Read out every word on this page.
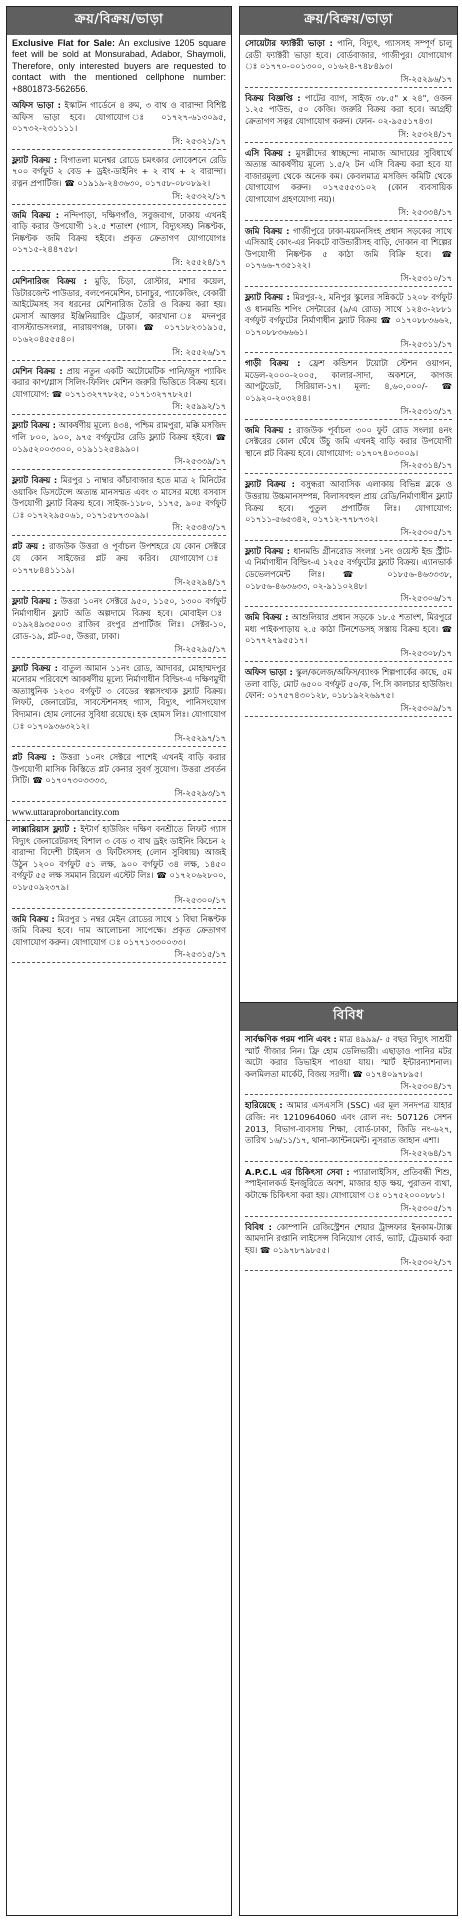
ক্রয়/বিক্রয়/ভাড়া
Exclusive Flat for Sale: An exclusive 1205 square feet will be sold at Monsurabad, Adabor, Shaymoli, Therefore, only interested buyers are requested to contact with the mentioned cellphone number: +8801873-562656.
অফিস ভাড়া : ইস্কাটন গার্ডেনে ৪ রুম, ৩ বাথ ও বারান্দা বিশিষ্ট অফিস ভাড়া হবে। যোগাযোগ ঃ ০১৭২৭-৬১৩০৯৫, ০১৭৩২-২৩১১১১।
সি: ২৫৩২১/১৭
ফ্ল্যাট বিক্রয় : বিগাতলা মনেশ্বর রোডে চমৎকার লোকেশনে রেডি ৭০০ বর্গফুট ২ বেড + ড্রইং-ডাইনিং + ২ বাথ + ২ বারান্দা। রত্নন প্রপার্টিজ। ☎ ০১৯১৯-২৪৩৬৩০, ০১৭৫৮-০৮০৮৯২।
সি: ২৫৩২২/১৭
জমি বিক্রয় : নন্দিপাড়া, দক্ষিণগাঁও, সবুজবাগ, ঢাকায় এখনই বাড়ি করার উপযোগী ১২.৫ শতাংশ (গ্যাস, বিদ্যুৎসহ) নিষ্কণ্টক, নিষ্কণ্টক জমি বিক্রয় হইবে। প্রকৃত ক্রেতাগণ যোগাযোগঃ ০১৭১৫-২৪৪৭৫৮।
সি: ২৫৫২৪/১৭
মেশিনারিজ বিক্রয় : মুড়ি, চিড়া, রোস্টার, মশার কয়েল, ডিটারজেন্ট পাউডার, বলপেনমেশিন, চানাচুর, প্যাকেজিং, বেকারী আইটেমসহ সব ধরনের মেশিনারিজ তৈরি ও বিক্রয় করা হয়। মেসার্স আক্তার ইঞ্জিনিয়ারিং ট্রেডার্স, কারখানা ঃ মদনপুর বাসস্ট্যান্ডসংলগ্ন, নারায়ণগঞ্জ, ঢাকা। ☎ ০১৭১৮২৩১৯১৫, ০১৬২০৪৫৫৫৪০।
সি: ২৫৫২৬/১৭
মেশিন বিক্রয় : প্রায় নতুন একটি অটোমেটিক পানি/জুস প্যাকিং করার কাপ/গ্লাস সিলিং-ফিলিং মেশিন জরুরি ভিত্তিতে বিক্রয় হবে। যোগাযোগ: ☎ ০১৭১৩২৭৭৮২৫, ০১৭১৩২৭৭৮২৫।
সি: ২৫৯৯২/১৭
ফ্ল্যাট বিক্রয় : আকর্ষণীয় মূল্যে ৪৩৪, পশ্চিম রামপুরা, মক্কি মসজিদ গলি ৮০০, ৯০০, ৯৭৫ বর্গফুটের রেডি ফ্ল্যাট বিক্রয় হইবে। ☎ ০১৯৫২০০৩৩০০, ০১৯১১২৫৪৯৯০।
সি-২৫৩৩৯/১৭
ফ্ল্যাট বিক্রয় : মিরপুর ১ নাম্বার কাঁচাবাজার হতে মাত্র ২ মিনিটের ওয়াকিং ডিসটেন্সে অত্যন্ত মানসম্মত এবং ৩ মাসের মধ্যে বসবাস উপযোগী ফ্ল্যাট বিক্রয় হবে। সাইজ-১১৮০, ১১৭৫, ৯০৫ বর্গফুট ঃ ০১৭২২৯৫০৬১, ০১৭১৫৮৭৩০৯৯।
সি: ২৫৩৪৩/১৭
প্লট ক্রয় : রাজউক উত্তরা ও পূর্বাচল উপশহরে যে কোন সেক্টরে যে কোন সাইজের প্লট ক্রয় করিব। যোগাযোগ ঃ ০১৭৭৮৪৪১১১৯।
সি-২৫২৯৪/১৭
ফ্ল্যাট বিক্রয় : উত্তরা ১০নং সেক্টরে ৯৫০, ১১৫০, ১৩০০ বর্গফুট নির্মাণাধীন ফ্ল্যাট অতি অল্পদামে বিক্রয় হবে। মোবাইল ঃ ০১৯২৪৯৩৫০০৩ রাজিব রংপুর প্রপার্টিজ লিঃ। সেক্টর-১০, রোড-১৯, প্লট-০৫, উত্তরা, ঢাকা।
সি-২৫২৯৫/১৭
ফ্ল্যাট বিক্রয় : বাতুল আমান ১১নং রোড, আদাবর, মোহাম্মদপুর মনোরম পরিবেশে আকর্ষণীয় মূল্যে নির্মাণাধীন বিল্ডিং-এ দক্ষিণমুখী অত্যাধুনিক ১২৩০ বর্গফুট ৩ বেডের স্বল্পসংখ্যক ফ্ল্যাট বিক্রয়। লিফট, জেনারেটর, সাবস্টেশনসহ গ্যাস, বিদ্যুৎ, পানিসংযোগ বিদ্যমান। হোম লোনের সুবিধা রয়েছে। হক হোমস লিঃ। যোগাযোগ ঃ ০১৭০৯৩৬৩২১২।
সি-২৫২৯৭/১৭
প্লট বিক্রয় : উত্তরা ১০নং সেক্টরে পাশেই এখনই বাড়ি করার উপযোগী মাসিক কিস্তিতে প্লট কেনার সুবর্ণ সুযোগ। উত্তরা প্রবর্তন সিটি। ☎ ০১৭০৭৩০৩৩৩৩,
সি-২৫২৯৩/১৭
www.uttaraprobortancity.com
লাক্সারিয়াস ফ্ল্যাট : ইন্টার্ণ হাউজিং দক্ষিণ বনশ্রীতে লিফট গ্যাস বিদ্যুৎ জেনারেটরসহ বিশাল ৩ বেড ৩ বাথ ড্রইং ডাইনিং কিচেন ২ বারান্দা বিদেশী টাইলস ও ফিটিংসসহ (লোন সুবিধায়) আজই উঠুন ১২০০ বর্গফুট ৫১ লক্ষ, ৯০০ বর্গফুট ৩৪ লক্ষ, ১৪৫০ বর্গফুট ৫৫ লক্ষ সমমান রিয়েল এস্টেট লিঃ। ☎ ০১৭২০৬২৮০০, ০১৮৫০৯২৩৭৯।
সি-২৫৩০০/১৭
জমি বিক্রয় : মিরপুর ১ নম্বর মেইন রোডের সাথে ১ বিঘা নিষ্কণ্টক জমি বিক্রয় হবে। দাম আলোচনা সাপেক্ষে। প্রকৃত ক্রেতাগণ যোগাযোগ করুন। যোগাযোগ ঃ ০১৭৭১৩৩০০৩৩।
সি-২৫৩১৫/১৭
ক্রয়/বিক্রয়/ভাড়া
সোয়েটার ফ্যাক্টরী ভাড়া : পানি, বিদ্যুৎ, গ্যাসসহ সম্পূর্ণ চালু রেডী ফ্যাক্টরী ভাড়া হবে। বোর্ডবাজার, গাজীপুর। যোগাযোগ ঃ ০১৭৭০-০০১৩০০, ০১৬২৪-৭৪৮৪৯৩।
সি-২৫২৯৬/১৭
বিক্রয় বিজ্ঞপ্তি : পাটের ব্যাগ, সাইজ ৩৮.৫" x ২৪", ওজন ১.২৫ পাউন্ড, ৫০ কেজি। জরুরি বিক্রয় করা হবে। আগ্রহী ক্রেতাগণ সত্বর যোগাযোগ করুন। ফোন- ০২-৯৫৫১৭৪৩।
সি: ২৫৩২৪/১৭
এসি বিক্রয় : মুসল্লীদের স্বাচ্ছন্দ্যে নামাজ আদায়ের সুবিধার্থে অত্যন্ত আকর্ষণীয় মূল্যে ১.৫/২ টন এসি বিক্রয় করা হবে যা বাজারমূল্য থেকে অনেক কম। কেবলমাত্র মসজিদ কমিটি থেকে যোগাযোগ করুন। ০১৭৫৫৫৩১০২ (কোন ব্যবসায়িক যোগাযোগ গ্রহণযোগ্য নয়)।
সি: ২৫৩৩৪/১৭
জমি বিক্রয় : গাজীপুরে ঢাকা-ময়মনসিংহ প্রধান সড়কের সাথে এসিআই কোং-এর নিকটে বাউন্ডারীসহ বাড়ি, দোকান বা শিল্পের উপযোগী নিষ্কণ্টক ৫ কাঠা জমি বিক্রি হবে। ☎ ০১৭৬৬-৭৩৫১২২।
সি-২৫৩১০/১৭
ফ্ল্যাট বিক্রয় : মিরপুর-২, মনিপুর স্কুলের সন্নিকটে ১২০৮ বর্গফুট ও ধানমন্ডি শপিং সেন্টারের (৯/এ রোড) সাথে ১২৪৩-২৮৮১ বর্গফুট বর্গফুটের নির্মাণাধীন ফ্ল্যাট বিক্রয় ☎ ০১৭০৮৮৩৬৬২, ০১৭০৮৮৩৬৬৬১।
সি-২৫৩১১/১৭
গাড়ী বিক্রয় : ফ্রেশ কন্ডিশন টয়োটা স্টেশন ওয়াগন, মডেল-২০০০-২০০৫, কালার-সাদা, অকশনে, কাগজ আপটুডেট, সিরিয়াল-১৭। মূল্য: ৪,৬০,০০০/- ☎ ০১৯২০-২০৩২৪৪।
সি-২৫৩১৩/১৭
জমি বিক্রয় : রাজউক পূর্বাচল ৩০০ ফুট রোড সংলগ্ন ৪নং সেক্টরের কোল ঘেঁষে উঁচু জমি এখনই বাড়ি করার উপযোগী স্থানে প্লট বিক্রয় হবে। যোগাযোগ: ০১৭০৭৪০৩০০৯।
সি-২৫৩১৪/১৭
ফ্ল্যাট বিক্রয় : বসুন্ধরা আবাসিক এলাকায় বিভিন্ন ব্লকে ও উত্তরায় উচ্চমানসম্পন্ন, বিলাসবহুল প্রায় রেডি/নির্মাণাধীন ফ্ল্যাট বিক্রয় হবে। পুতুল প্রপার্টিজ লিঃ। যোগাযোগ: ০১৭১১-৫৬৫৩৪২, ০১৭১২-৭৭৮৭৩২।
সি-২৫৩০৫/১৭
ফ্ল্যাট বিক্রয় : ধানমন্ডি গ্রীনরোড সংলগ্ন ১নং ওয়েস্ট ইন্ড স্ট্রীট-এ নির্মাণাধীন বিল্ডিং-এ ১২৫৫ বর্গফুটের ফ্ল্যাট বিক্রয়। এ্যানভার্ক ডেভেলপমেন্ট লিঃ। ☎ ০১৮৫৬-৪৬৩৩৩৮, ০১৮৫৬-৪৬৩৬৩৩, ০২-৯১১০২৪৮।
সি-২৫৩০৬/১৭
জমি বিক্রয় : আশুলিয়ার প্রধান সড়কে ১৮.৫ শতাংশ, মিরপুরে মধ্য পাইকপাড়ায় ২.৫ কাঠা টিনশেডসহ সস্তায় বিক্রয় হবে। ☎ ০১৭৭২৭৯৫৫১৭।
সি-২৫৩০৮/১৭
অফিস ভাড়া : স্কুল/কলেজ/অফিস/ব্যাংক শিল্পপার্কের কাছে, ৫ম তলা বাড়ি, মোট ৬৫০০ বর্গফুট ৫০/ক, পি.সি কালচার হাউজিং। ফোন: ০১৭৫৭৪৩০১২৮, ০১৮১৯২২৬৯৭৫।
সি-২৫৩০৯/১৭
বিবিধ
সার্বক্ষণিক গরম পানি এবং : মাত্র ৪৯৯৯/- ৫ বছর বিদ্যুৎ সাশ্রয়ী স্মার্ট গীজার নিন। ফ্রি হোম ডেলিভারী। এছাড়াও পানির মটর অটো করার ডিভাইস পাওয়া যায়। স্মার্ট ইন্টারন্যাশনাল। কলমিলতা মার্কেট, বিজয় সরণী। ☎ ০১৭৪০৯৭৮৯৫।
সি-২৫৩০৪/১৭
হারিয়েছে : আমার এসএসসি (SSC) এর মূল সনদপত্র যাহার রেজি: নং 1210964060 এবং রোল নং: 507126 সেশন 2013, বিভাগ-ব্যবসায় শিক্ষা, বোর্ড-ঢাকা, জিডি নং-৬২৭, তারিখ ১৬/১১/১৭, থানা-ক্যান্টনমেন্ট। নুসরাত জাহান এশা।
সি-২৫২৬৪/১৭
A.P.C.L এর চিকিৎসা সেবা : প্যারালাইসিস, প্রতিবন্ধী শিশু, স্পাইনালকর্ড ইনজুরিতে অবশ, মাজার হাড় ক্ষয়, পুরাতন ব্যথা, কটাক্ষে চিকিৎসা করা হয়। যোগাযোগ ঃ ০১৭৫২০০০৮৮১।
সি-২৫৩০৫/১৭
বিবিধ : কোম্পানি রেজিস্ট্রেশন শেয়ার ট্রান্সফার ইনকাম-ট্যাক্স আমদানি রপ্তানি লাইসেন্স বিনিয়োগ বোর্ড, ভ্যাট, ট্রেডমার্ক করা হয়। ☎ ০১৯৭৮৭৯৮৫৫।
সি-২৫৩০২/১৭
